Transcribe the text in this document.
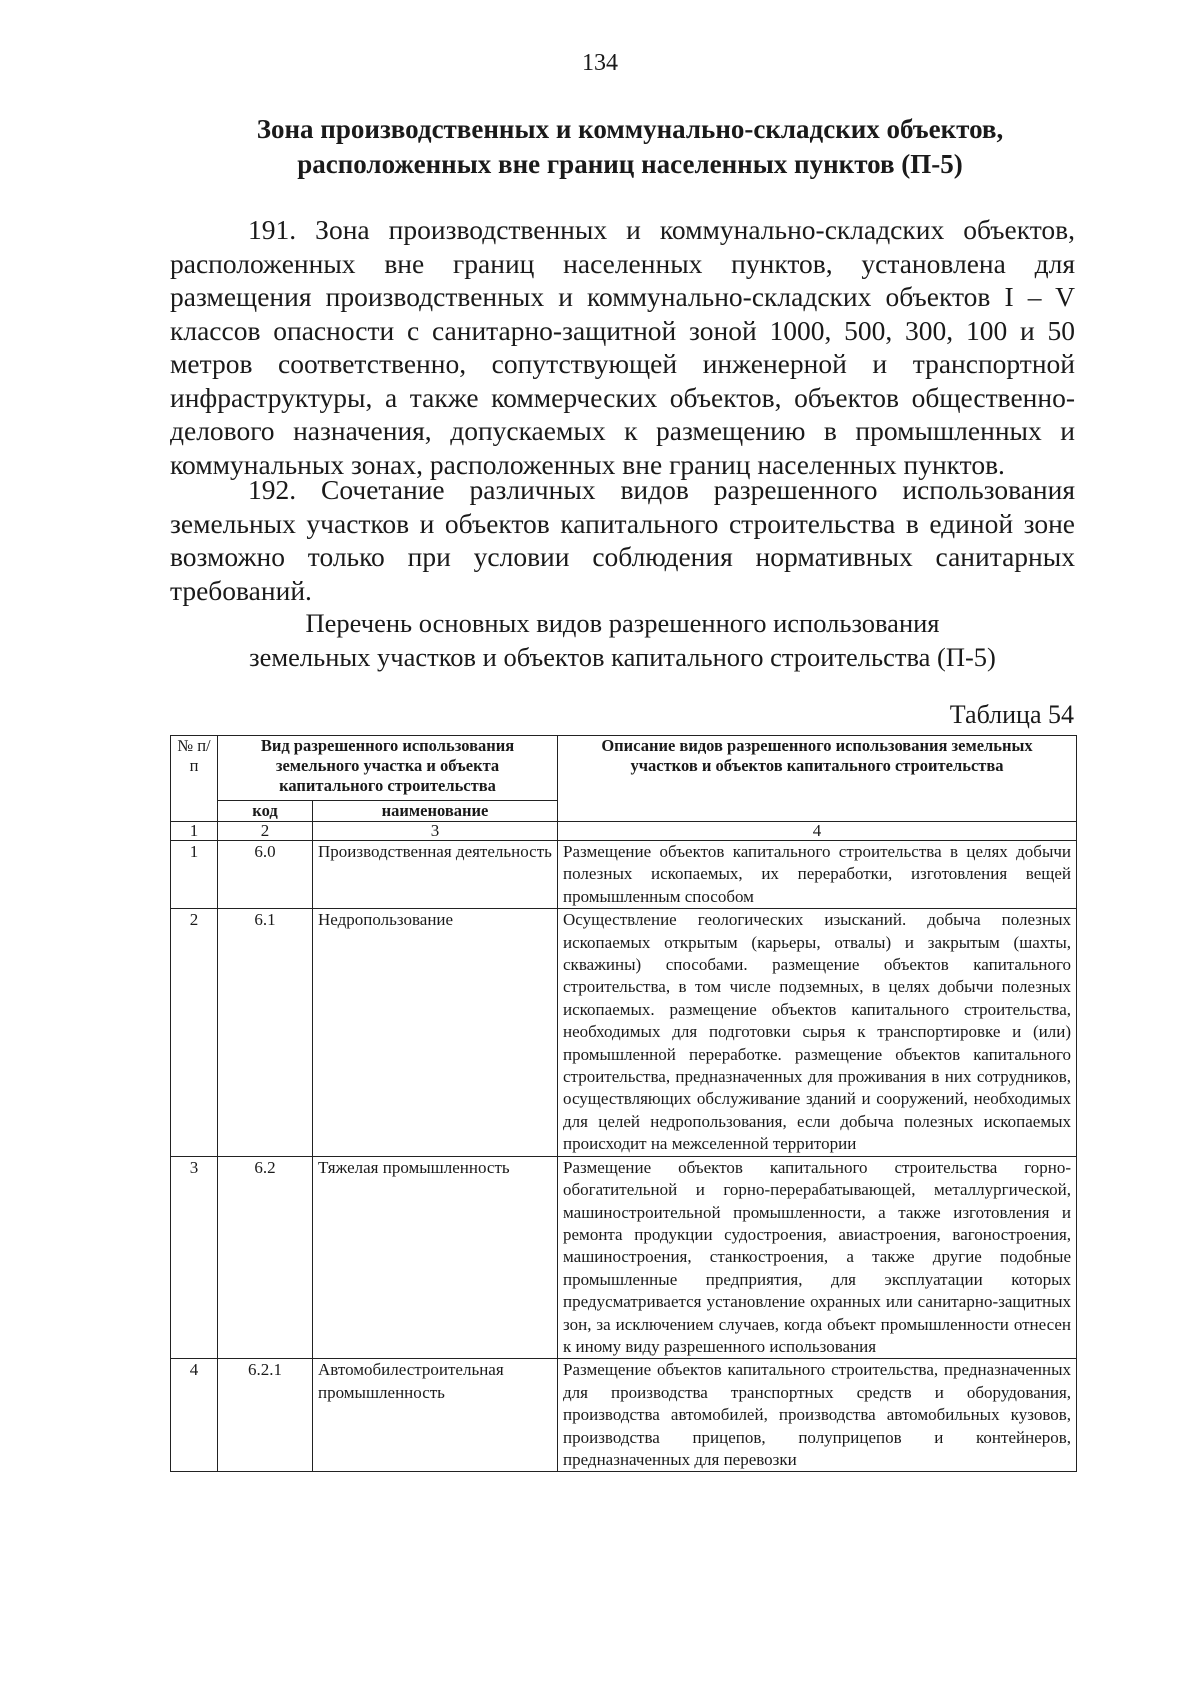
134
Зона производственных и коммунально-складских объектов,
расположенных вне границ населенных пунктов (П-5)

191. Зона производственных и коммунально-складских объектов, расположенных вне границ населенных пунктов, установлена для размещения производственных и коммунально-складских объектов I – V классов опасности с санитарно-защитной зоной 1000, 500, 300, 100 и 50 метров соответственно, сопутствующей инженерной и транспортной инфраструктуры, а также коммерческих объектов, объектов общественно-делового назначения, допускаемых к размещению в промышленных и коммунальных зонах, расположенных вне границ населенных пунктов.

192. Сочетание различных видов разрешенного использования земельных участков и объектов капитального строительства в единой зоне возможно только при условии соблюдения нормативных санитарных требований.

Перечень основных видов разрешенного использования
земельных участков и объектов капитального строительства (П-5)
Таблица 54
№ п/п	Вид разрешенного использования земельного участка и объекта капитального строительства		Описание видов разрешенного использования земельных участков и объектов капитального строительства
	код	наименование	
1	2	3	4
1	6.0	Производственная деятельность	Размещение объектов капитального строительства в целях добычи полезных ископаемых, их переработки, изготовления вещей промышленным способом
2	6.1	Недропользование	Осуществление геологических изысканий. добыча полезных ископаемых открытым (карьеры, отвалы) и закрытым (шахты, скважины) способами. размещение объектов капитального строительства, в том числе подземных, в целях добычи полезных ископаемых. размещение объектов капитального строительства, необходимых для подготовки сырья к транспортировке и (или) промышленной переработке. размещение объектов капитального строительства, предназначенных для проживания в них сотрудников, осуществляющих обслуживание зданий и сооружений, необходимых для целей недропользования, если добыча полезных ископаемых происходит на межселенной территории
3	6.2	Тяжелая промышленность	Размещение объектов капитального строительства горно-обогатительной и горно-перерабатывающей, металлургической, машиностроительной промышленности, а также изготовления и ремонта продукции судостроения, авиастроения, вагоностроения, машиностроения, станкостроения, а также другие подобные промышленные предприятия, для эксплуатации которых предусматривается установление охранных или санитарно-защитных зон, за исключением случаев, когда объект промышленности отнесен к иному виду разрешенного использования
4	6.2.1	Автомобилестроительная промышленность	Размещение объектов капитального строительства, предназначенных для производства транспортных средств и оборудования, производства автомобилей, производства автомобильных кузовов, производства прицепов, полуприцепов и контейнеров, предназначенных для перевозки
